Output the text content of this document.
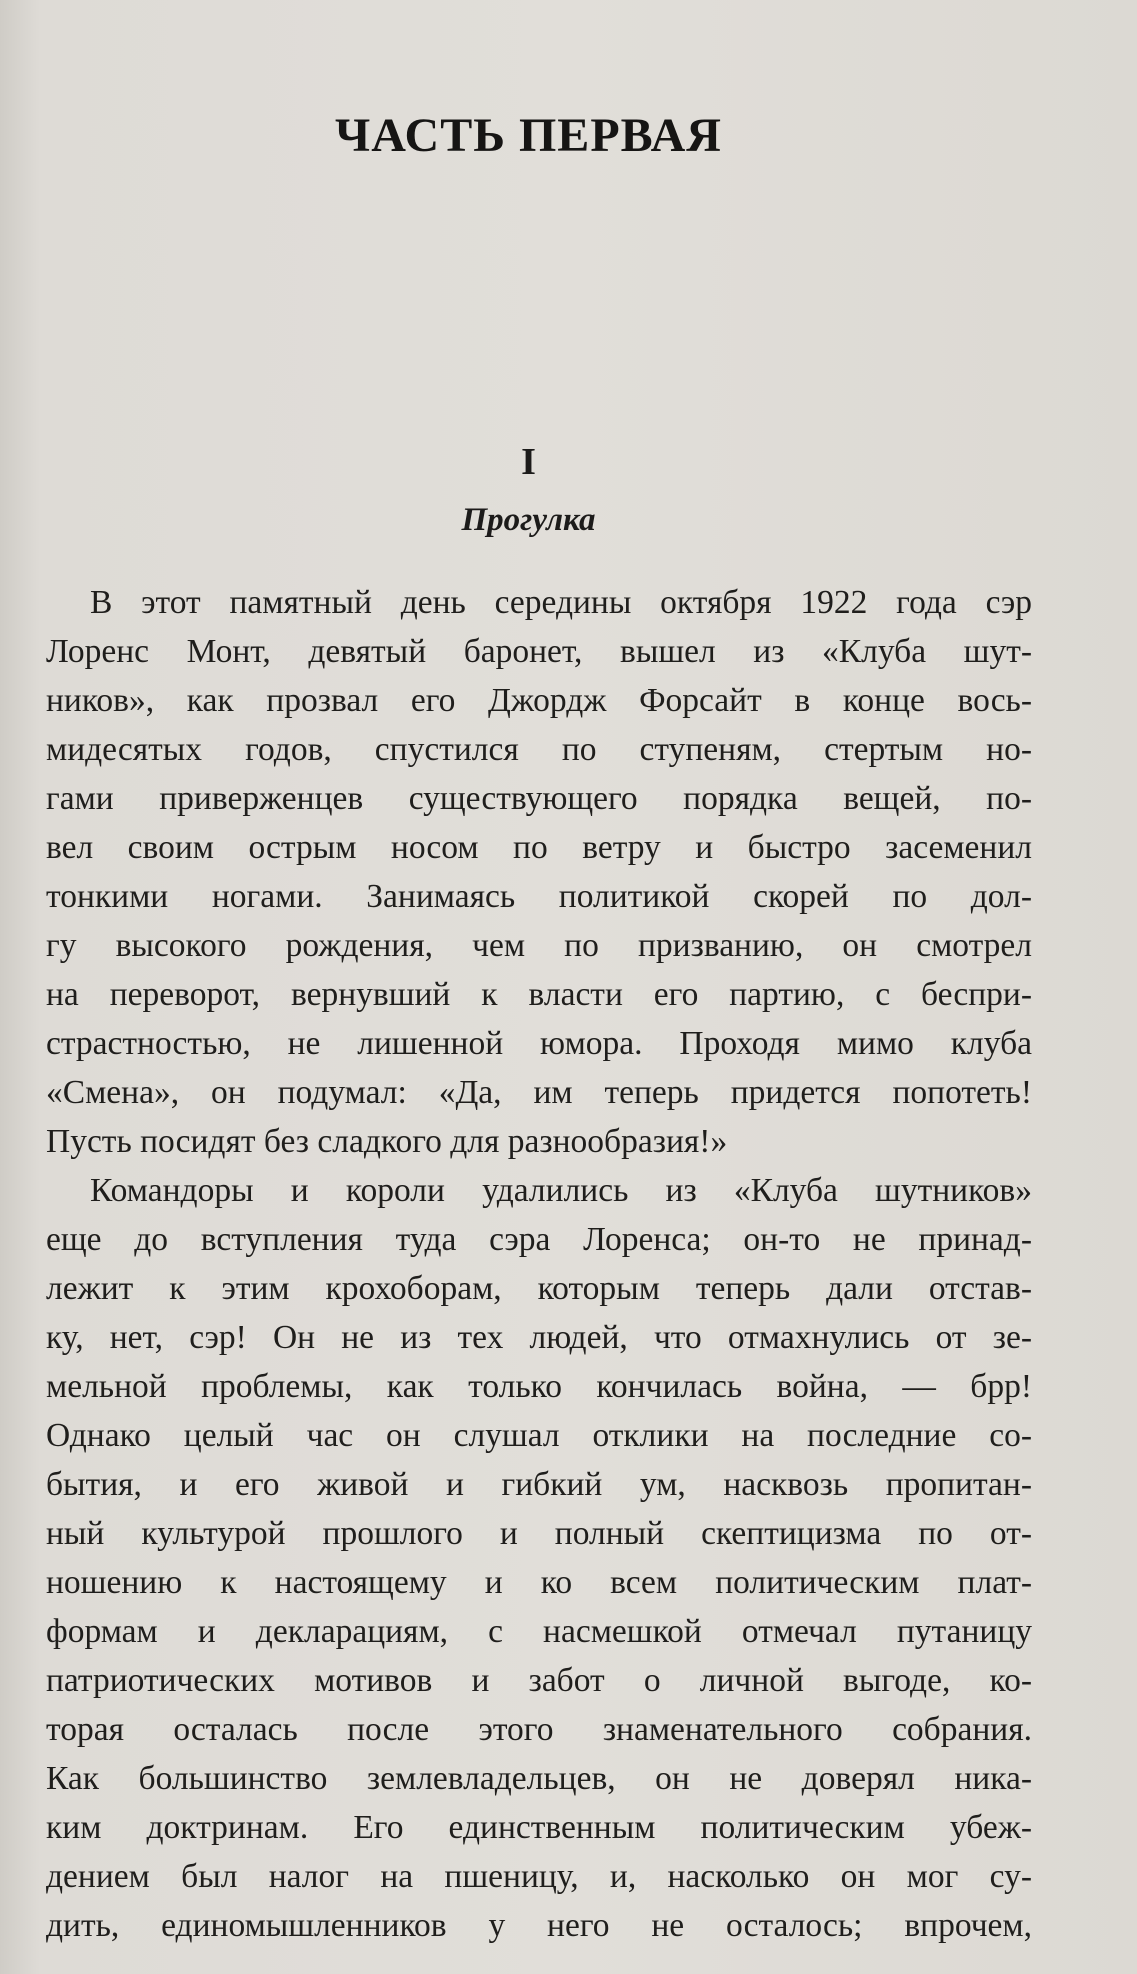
ЧАСТЬ ПЕРВАЯ
I
Прогулка
В этот памятный день середины октября 1922 года сэр
Лоренс Монт, девятый баронет, вышел из «Клуба шут-
ников», как прозвал его Джордж Форсайт в конце вось-
мидесятых годов, спустился по ступеням, стертым но-
гами приверженцев существующего порядка вещей, по-
вел своим острым носом по ветру и быстро засеменил
тонкими ногами. Занимаясь политикой скорей по дол-
гу высокого рождения, чем по призванию, он смотрел
на переворот, вернувший к власти его партию, с беспри-
страстностью, не лишенной юмора. Проходя мимо клуба
«Смена», он подумал: «Да, им теперь придется попотеть!
Пусть посидят без сладкого для разнообразия!»
Командоры и короли удалились из «Клуба шутников»
еще до вступления туда сэра Лоренса; он-то не принад-
лежит к этим крохоборам, которым теперь дали отстав-
ку, нет, сэр! Он не из тех людей, что отмахнулись от зе-
мельной проблемы, как только кончилась война, — брр!
Однако целый час он слушал отклики на последние со-
бытия, и его живой и гибкий ум, насквозь пропитан-
ный культурой прошлого и полный скептицизма по от-
ношению к настоящему и ко всем политическим плат-
формам и декларациям, с насмешкой отмечал путаницу
патриотических мотивов и забот о личной выгоде, ко-
торая осталась после этого знаменательного собрания.
Как большинство землевладельцев, он не доверял ника-
ким доктринам. Его единственным политическим убеж-
дением был налог на пшеницу, и, насколько он мог су-
дить, единомышленников у него не осталось; впрочем,
